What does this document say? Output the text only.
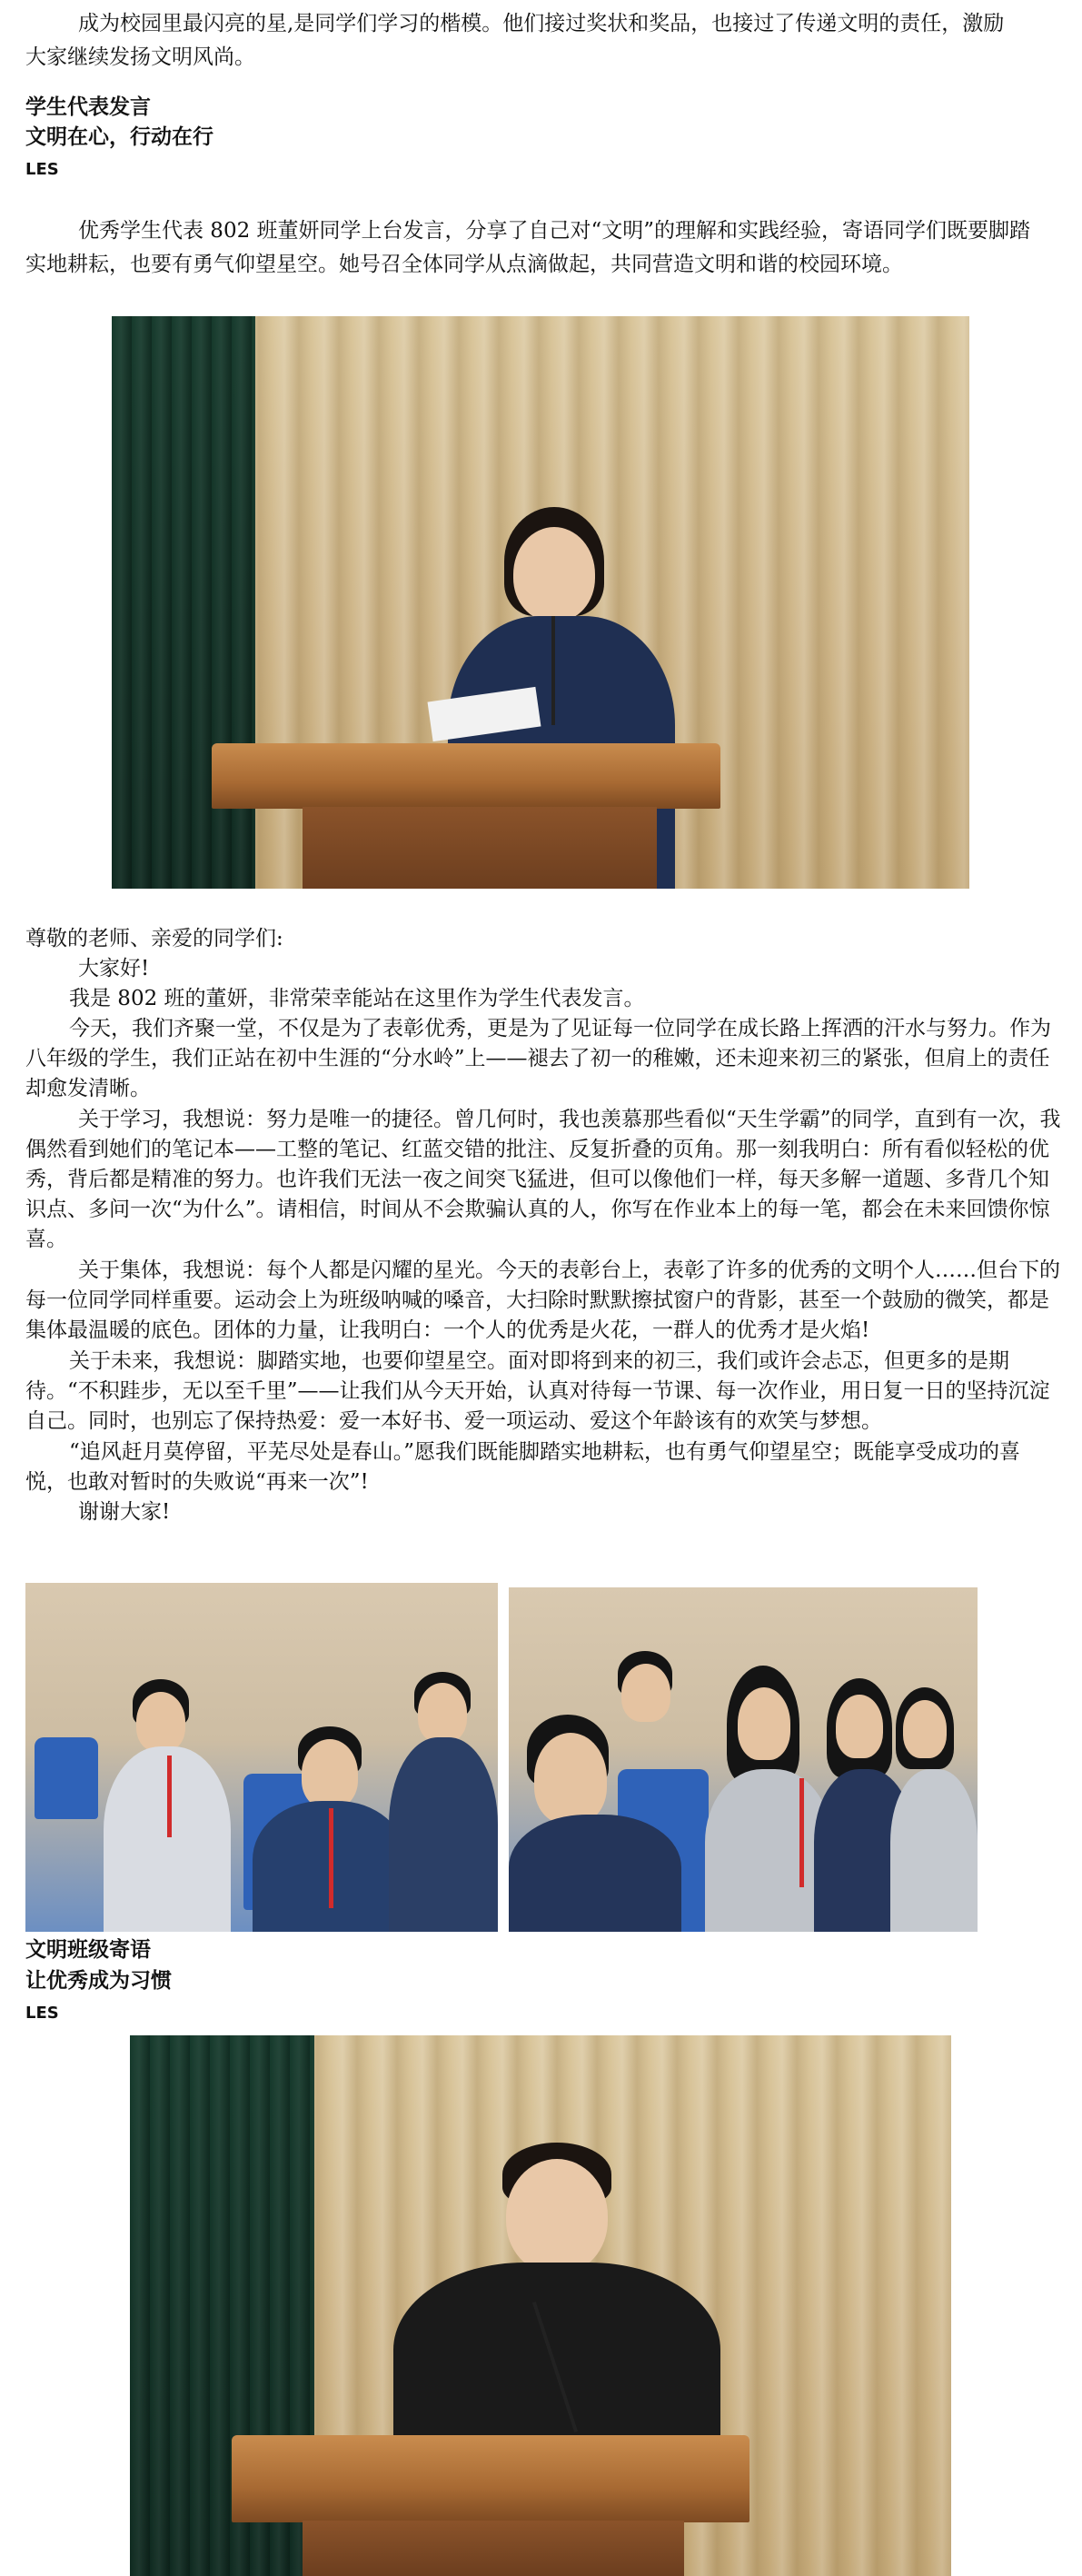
成为校园里最闪亮的星,是同学们学习的楷模。他们接过奖状和奖品，也接过了传递文明的责任，激励

大家继续发扬文明风尚。

学生代表发言

文明在心，行动在行

LES

优秀学生代表 802 班董妍同学上台发言，分享了自己对“文明”的理解和实践经验，寄语同学们既要脚踏

实地耕耘，也要有勇气仰望星空。她号召全体同学从点滴做起，共同营造文明和谐的校园环境。

尊敬的老师、亲爱的同学们:

大家好!

我是 802 班的董妍，非常荣幸能站在这里作为学生代表发言。

今天，我们齐聚一堂，不仅是为了表彰优秀，更是为了见证每一位同学在成长路上挥洒的汗水与努力。作为八年级的学生，我们正站在初中生涯的“分水岭”上——褪去了初一的稚嫩，还未迎来初三的紧张，但肩上的责任却愈发清晰。

关于学习，我想说：努力是唯一的捷径。曾几何时，我也羡慕那些看似“天生学霸”的同学，直到有一次，我偶然看到她们的笔记本——工整的笔记、红蓝交错的批注、反复折叠的页角。那一刻我明白：所有看似轻松的优秀，背后都是精准的努力。也许我们无法一夜之间突飞猛进，但可以像他们一样，每天多解一道题、多背几个知识点、多问一次“为什么”。请相信，时间从不会欺骗认真的人，你写在作业本上的每一笔，都会在未来回馈你惊喜。

关于集体，我想说：每个人都是闪耀的星光。今天的表彰台上，表彰了许多的优秀的文明个人……但台下的每一位同学同样重要。运动会上为班级呐喊的嗓音，大扫除时默默擦拭窗户的背影，甚至一个鼓励的微笑，都是集体最温暖的底色。团体的力量，让我明白：一个人的优秀是火花，一群人的优秀才是火焰!

关于未来，我想说：脚踏实地，也要仰望星空。面对即将到来的初三，我们或许会忐忑，但更多的是期待。“不积跬步，无以至千里”——让我们从今天开始，认真对待每一节课、每一次作业，用日复一日的坚持沉淀自己。同时，也别忘了保持热爱：爱一本好书、爱一项运动、爱这个年龄该有的欢笑与梦想。

“追风赶月莫停留，平芜尽处是春山。”愿我们既能脚踏实地耕耘，也有勇气仰望星空；既能享受成功的喜悦，也敢对暂时的失败说“再来一次”!

谢谢大家!

文明班级寄语

让优秀成为习惯

LES
